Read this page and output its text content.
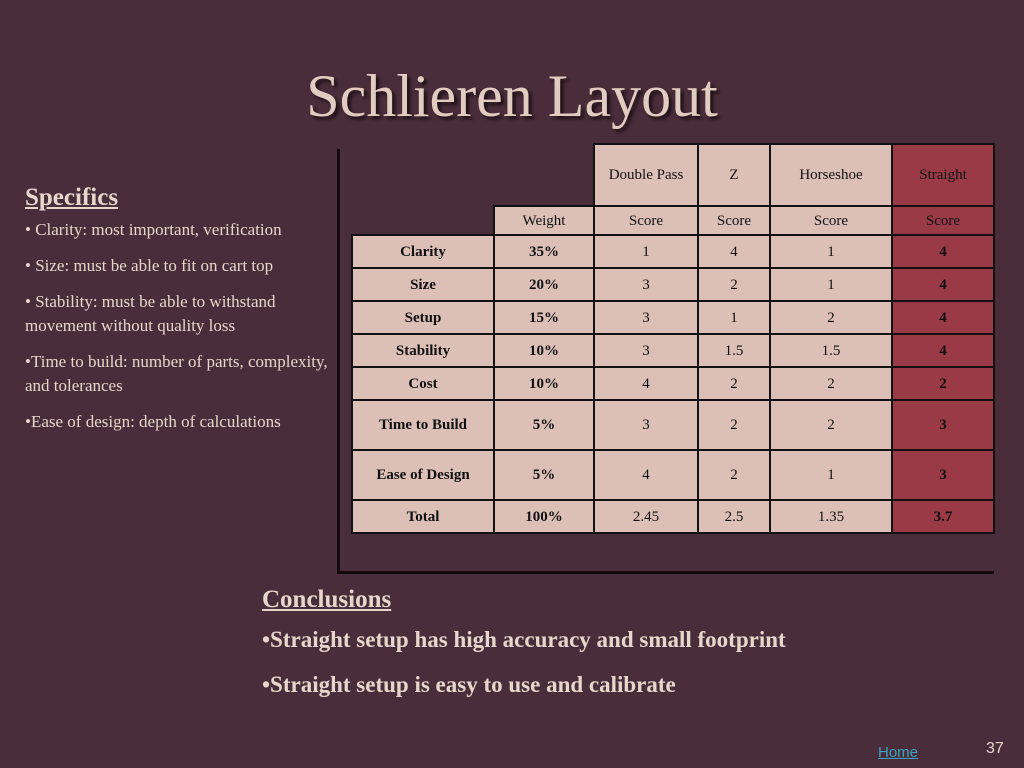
Schlieren Layout
Specifics
• Clarity: most important, verification
• Size: must be able to fit on cart top
• Stability: must be able to withstand movement without quality loss
•Time to build: number of parts, complexity, and tolerances
•Ease of design: depth of calculations
		Double Pass	Z	Horseshoe	Straight
	Weight	Score	Score	Score	Score
Clarity	35%	1	4	1	4
Size	20%	3	2	1	4
Setup	15%	3	1	2	4
Stability	10%	3	1.5	1.5	4
Cost	10%	4	2	2	2
Time to Build	5%	3	2	2	3
Ease of Design	5%	4	2	1	3
Total	100%	2.45	2.5	1.35	3.7
Conclusions
•Straight setup has high accuracy and small footprint
•Straight setup is easy to use and calibrate
Home	37
